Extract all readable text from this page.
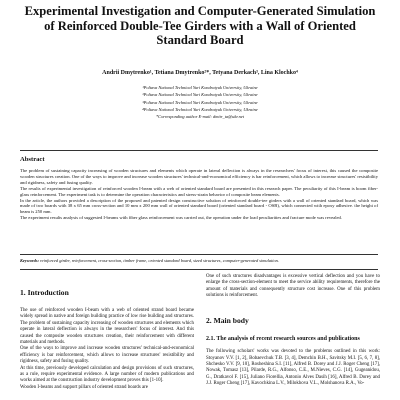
Experimental Investigation and Computer-Generated Simulation of Reinforced Double-Tee Girders with a Wall of Oriented Standard Board
Andrii Dmytrenko¹, Tetiana Dmytrenko²*, Tetyana Derkach³, Lina Klochko⁴
¹Poltava National Technical Yuri Kondratyuk University, Ukraine
²Poltava National Technical Yuri Kondratyuk University, Ukraine
³Poltava National Technical Yuri Kondratyuk University, Ukraine
⁴Poltava National Technical Yuri Kondratyuk University, Ukraine
*Corresponding author E-mail: dmitr_ta@ukr.net
Abstract

The problem of sustaining capacity increasing of wooden structures and elements which operate in lateral deflection is always in the researchers' focus of interest, this caused the composite wooden structures creation. One of the ways to improve and increase wooden structures' technical-and-economical efficiency is bar reinforcement, which allows to increase structures' resistibility and rigidness, safety and fusing quality.

The results of experimental investigation of reinforced wooden I-beam with a web of oriented standard board are presented in this research paper. The peculiarity of this I-beam is boom fiber-glass reinforcement. The experiment task is to determine the operation characteristics and stress-strain behavior of composite beam elements.

In the article, the authors provided a description of the proposed and patented design constructive solution of reinforced double-tee girders with a wall of oriented standard board, which was made of two boards with 38 x 65 mm cross-section and 10 mm x 200 mm wall of oriented standard board (oriented standard board - OSB), which connected with epoxy adhesive. the height of beam is 250 mm.

The experiment results analysis of suggested I-beams with fiber glass reinforcement was carried out, the operation under the load peculiarities and fracture mode was revealed.

Keywords: reinforced girder, reinforcement, cross-section, timber frame, oriented standard board, sized structures, computer-generated simulation.
1. Introduction

The use of reinforced wooden I-beam with a web of oriented strand board became widely spread in native and foreign building practice of low rise building and structures. The problem of sustaining capacity increasing of wooden structures and elements which operate in lateral deflection is always in the researchers' focus of interest. And this caused the composite wooden structures creation, their reinforcement with different materials and methods.

One of the ways to improve and increase wooden structures' technical-and-economical efficiency is bar reinforcement, which allows to increase structures' resistibility and rigidness, safety and fusing quality.

At this time, previously developed calculation and design provisions of such structures, as a rule, require experimental evidence. A large number of modern publications and works aimed at the construction industry development proves this [1-10].

Wooden I-beams and support pillars of oriented strand boards are

One of such structures disadvantages is excessive vertical deflection and you have to enlarge the cross-section-element to meet the service ability requirements, therefore the amount of materials and consequently structure cost increase. One of this problem solutions is reinforcement.

2. Main body
2.1. The analysis of recent research sources and publications

The following scholars' works was devoted to the problems outlined in this work: Stoyanov V.V. [1, 2], Bobaevchuk T.B. [3, 4], Demchin B.H., Savitsky M.I. [5, 6, 7, 8], Shchesko V.V. [9, 10], Rosheshina S.I. [11], Alfred B. Dorey and J.J. Roger Cheng [17], Nowak, Tomasz [13], Pilarde, R.G., Alfonso, C.E., M.Nieves, C.G. [14], Gugeanidou, G., Dratkavol F. [15], Juliano Fiorellia, Antonio Alves Dasih [16], Alfred B. Dorey and J.J. Roger Cheng [17], Kavochkina L.V., Milokhova V.L., Molshanova R.A., Vo-
